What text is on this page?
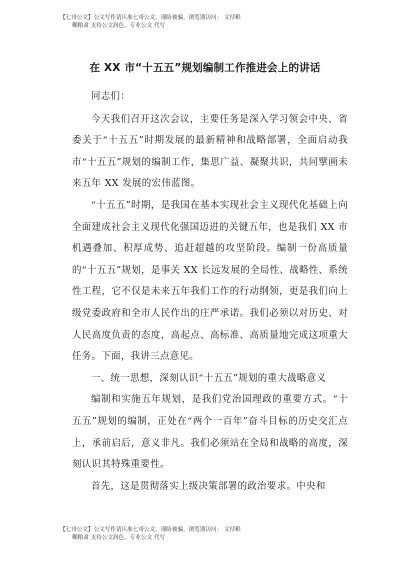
【七哥公文】公文写作请认准七哥公文，谨防被骗，浏览器访问： 文持粮
糊粮肃 支持公文润色，专业公文 代写
在 XX 市“十五五”规划编制工作推进会上的讲话

同志们：

今天我们召开这次会议，主要任务是深入学习领会中央、省委关于“十五五”时期发展的最新精神和战略部署，全面启动我市“十五五”规划的编制工作，集思广益、凝聚共识，共同擘画未来五年 XX 发展的宏伟蓝图。

“十五五”时期，是我国在基本实现社会主义现代化基础上向全面建成社会主义现代化强国迈进的关键五年，也是我们 XX 市机遇叠加、积厚成势、追赶超越的攻坚阶段。编制一份高质量的“十五五”规划，是事关 XX 长远发展的全局性、战略性、系统性工程，它不仅是未来五年我们工作的行动纲领，更是我们向上级党委政府和全市人民作出的庄严承诺。我们必须以对历史、对人民高度负责的态度，高起点、高标准、高质量地完成这项重大任务。下面，我讲三点意见。

一、统一思想，深刻认识“十五五”规划的重大战略意义

编制和实施五年规划，是我们党治国理政的重要方式。“十五五”规划的编制，正处在“两个一百年”奋斗目标的历史交汇点上，承前启后，意义非凡。我们必须站在全局和战略的高度，深刻认识其特殊重要性。

首先，这是贯彻落实上级决策部署的政治要求。中央和

【七哥公文】公文写作请认准七哥公文，谨防被骗，浏览器访问： 文持粮
糊粮肃 支持公文润色，专业公文 代写
